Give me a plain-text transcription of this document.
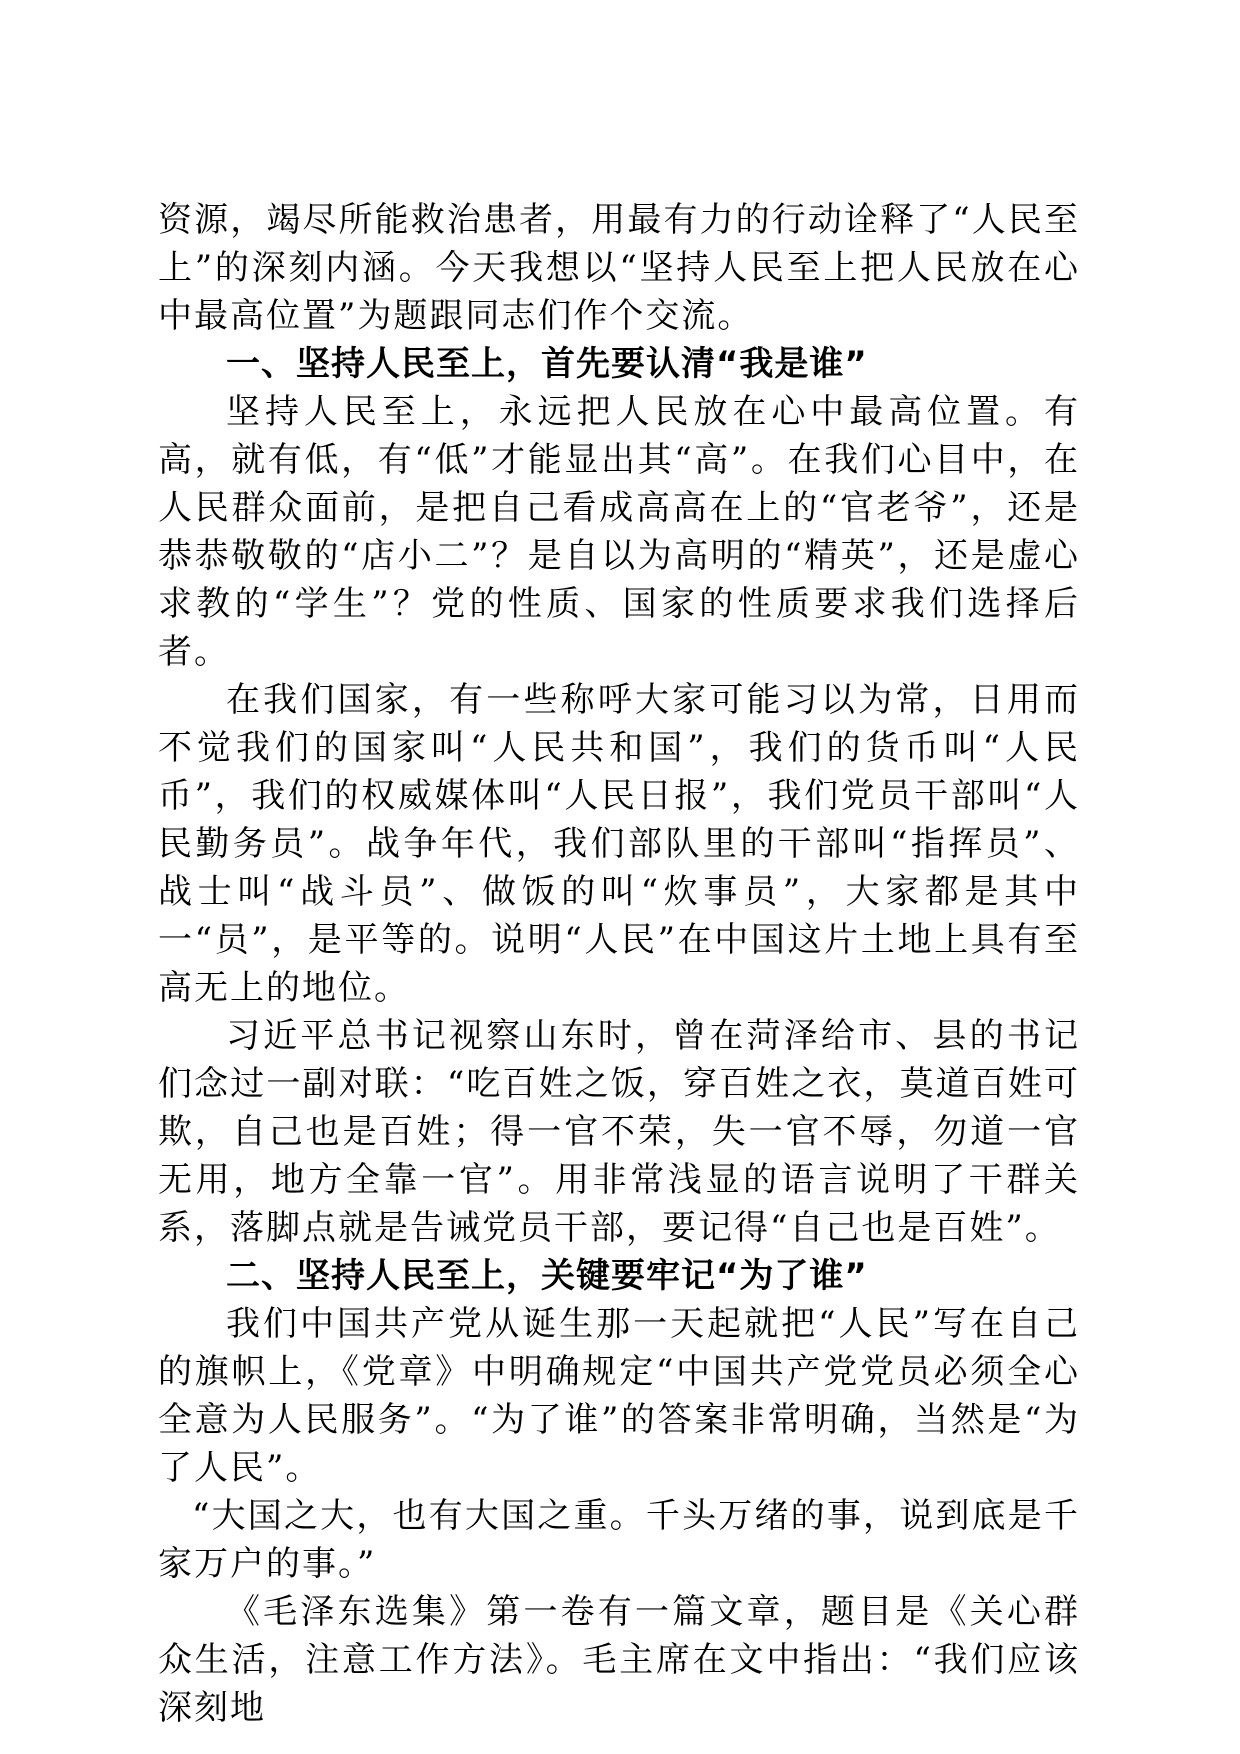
资源，竭尽所能救治患者，用最有力的行动诠释了“人民至上”的深刻内涵。今天我想以“坚持人民至上把人民放在心中最高位置”为题跟同志们作个交流。

一、坚持人民至上，首先要认清“我是谁”

坚持人民至上，永远把人民放在心中最高位置。有高，就有低，有“低”才能显出其“高”。在我们心目中，在人民群众面前，是把自己看成高高在上的“官老爷”，还是恭恭敬敬的“店小二”？是自以为高明的“精英”，还是虚心求教的“学生”？党的性质、国家的性质要求我们选择后者。

在我们国家，有一些称呼大家可能习以为常，日用而不觉我们的国家叫“人民共和国”，我们的货币叫“人民币”，我们的权威媒体叫“人民日报”，我们党员干部叫“人民勤务员”。战争年代，我们部队里的干部叫“指挥员”、战士叫“战斗员”、做饭的叫“炊事员”，大家都是其中一“员”，是平等的。说明“人民”在中国这片土地上具有至高无上的地位。

习近平总书记视察山东时，曾在菏泽给市、县的书记们念过一副对联：“吃百姓之饭，穿百姓之衣，莫道百姓可欺，自己也是百姓；得一官不荣，失一官不辱，勿道一官无用，地方全靠一官”。用非常浅显的语言说明了干群关系，落脚点就是告诫党员干部，要记得“自己也是百姓”。

二、坚持人民至上，关键要牢记“为了谁”

我们中国共产党从诞生那一天起就把“人民”写在自己的旗帜上，《党章》中明确规定“中国共产党党员必须全心全意为人民服务”。“为了谁”的答案非常明确，当然是“为了人民”。

“大国之大，也有大国之重。千头万绪的事，说到底是千家万户的事。”

《毛泽东选集》第一卷有一篇文章，题目是《关心群众生活，注意工作方法》。毛主席在文中指出：“我们应该深刻地
